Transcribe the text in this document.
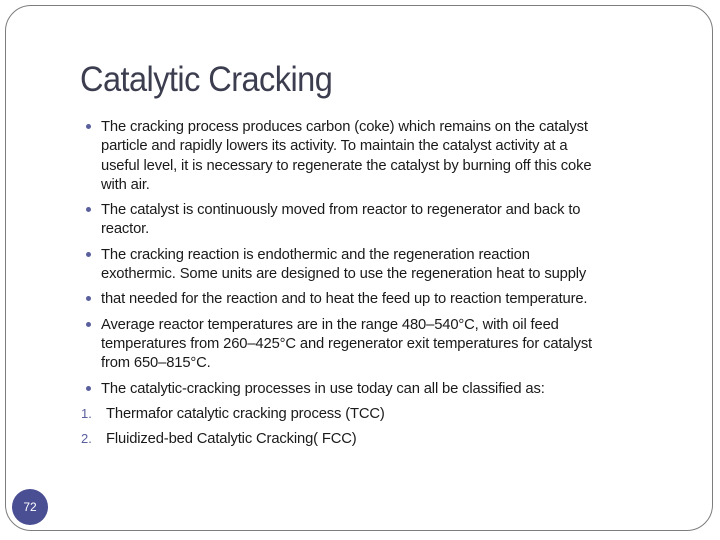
Catalytic Cracking
The cracking process produces carbon (coke) which remains on the catalyst
particle and rapidly lowers its activity. To maintain the catalyst activity at a
useful level, it is necessary to regenerate the catalyst by burning off this coke
with air.
The catalyst is continuously moved from reactor to regenerator and back to
reactor.
The cracking reaction is endothermic and the regeneration reaction
exothermic. Some units are designed to use the regeneration heat to supply
that needed for the reaction and to heat the feed up to reaction temperature.
Average reactor temperatures are in the range 480–540°C, with oil feed
temperatures from 260–425°C and regenerator exit temperatures for catalyst
from 650–815°C.
The catalytic-cracking processes in use today can all be classified as:
1. Thermafor catalytic cracking process (TCC)
2. Fluidized-bed Catalytic Cracking( FCC)
72
